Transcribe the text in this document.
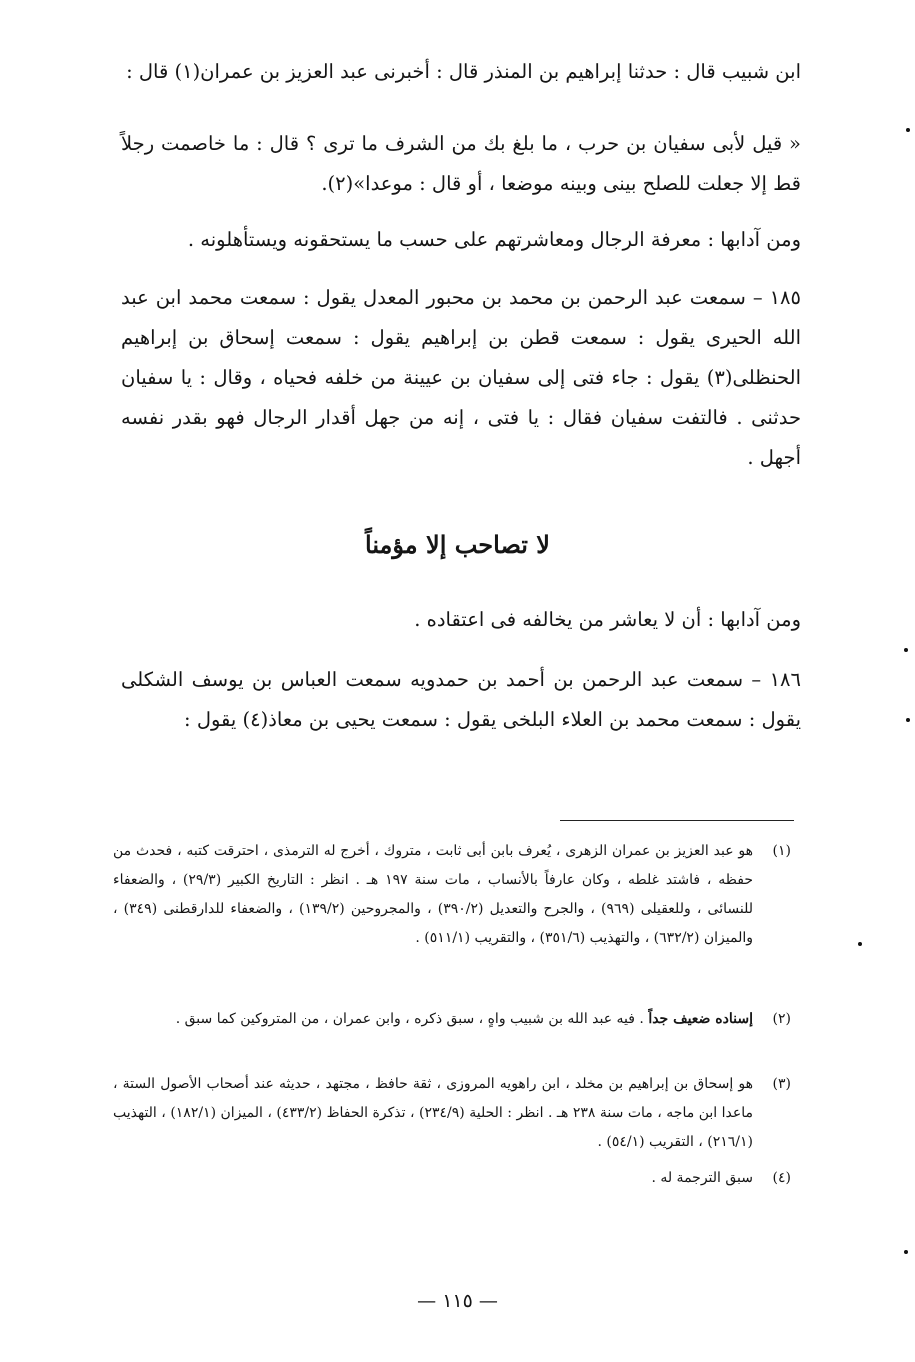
ابن شبيب قال : حدثنا إبراهيم بن المنذر قال : أخبرنى عبد العزيز بن عمران(١) قال :

« قيل لأبى سفيان بن حرب ، ما بلغ بك من الشرف ما ترى ؟ قال : ما خاصمت رجلاً قط إلا جعلت للصلح بينى وبينه موضعا ، أو قال : موعدا»(٢).

ومن آدابها : معرفة الرجال ومعاشرتهم على حسب ما يستحقونه ويستأهلونه .

١٨٥ – سمعت عبد الرحمن بن محمد بن محبور المعدل يقول : سمعت محمد ابن عبد الله الحيرى يقول : سمعت قطن بن إبراهيم يقول : سمعت إسحاق بن إبراهيم الحنظلى(٣) يقول : جاء فتى إلى سفيان بن عيينة من خلفه فحياه ، وقال : يا سفيان حدثنى . فالتفت سفيان فقال : يا فتى ، إنه من جهل أقدار الرجال فهو بقدر نفسه أجهل .

لا تصاحب إلا مؤمناً

ومن آدابها : أن لا يعاشر من يخالفه فى اعتقاده .

١٨٦ – سمعت عبد الرحمن بن أحمد بن حمدويه سمعت العباس بن يوسف الشكلى يقول : سمعت محمد بن العلاء البلخى يقول : سمعت يحيى بن معاذ(٤) يقول :

(١)
هو عبد العزيز بن عمران الزهرى ، يُعرف بابن أبى ثابت ، متروك ، أخرج له الترمذى ، احترقت كتبه ، فحدث من حفظه ، فاشتد غلطه ، وكان عارفاً بالأنساب ، مات سنة ١٩٧ هـ . انظر : التاريخ الكبير (٢٩/٣) ، والضعفاء للنسائى ، وللعقيلى (٩٦٩) ، والجرح والتعديل (٣٩٠/٢) ، والمجروحين (١٣٩/٢) ، والضعفاء للدارقطنى (٣٤٩) ، والميزان (٦٣٢/٢) ، والتهذيب (٣٥١/٦) ، والتقريب (٥١١/١) .
(٢)
إسناده ضعيف جداً . فيه عبد الله بن شبيب واهٍ ، سبق ذكره ، وابن عمران ، من المتروكين كما سبق .
(٣)
هو إسحاق بن إبراهيم بن مخلد ، ابن راهويه المروزى ، ثقة حافظ ، مجتهد ، حديثه عند أصحاب الأصول الستة ، ماعدا ابن ماجه ، مات سنة ٢٣٨ هـ . انظر : الحلية (٢٣٤/٩) ، تذكرة الحفاظ (٤٣٣/٢) ، الميزان (١٨٢/١) ، التهذيب (٢١٦/١) ، التقريب (٥٤/١) .
(٤)
سبق الترجمة له .
— ١١٥ —
